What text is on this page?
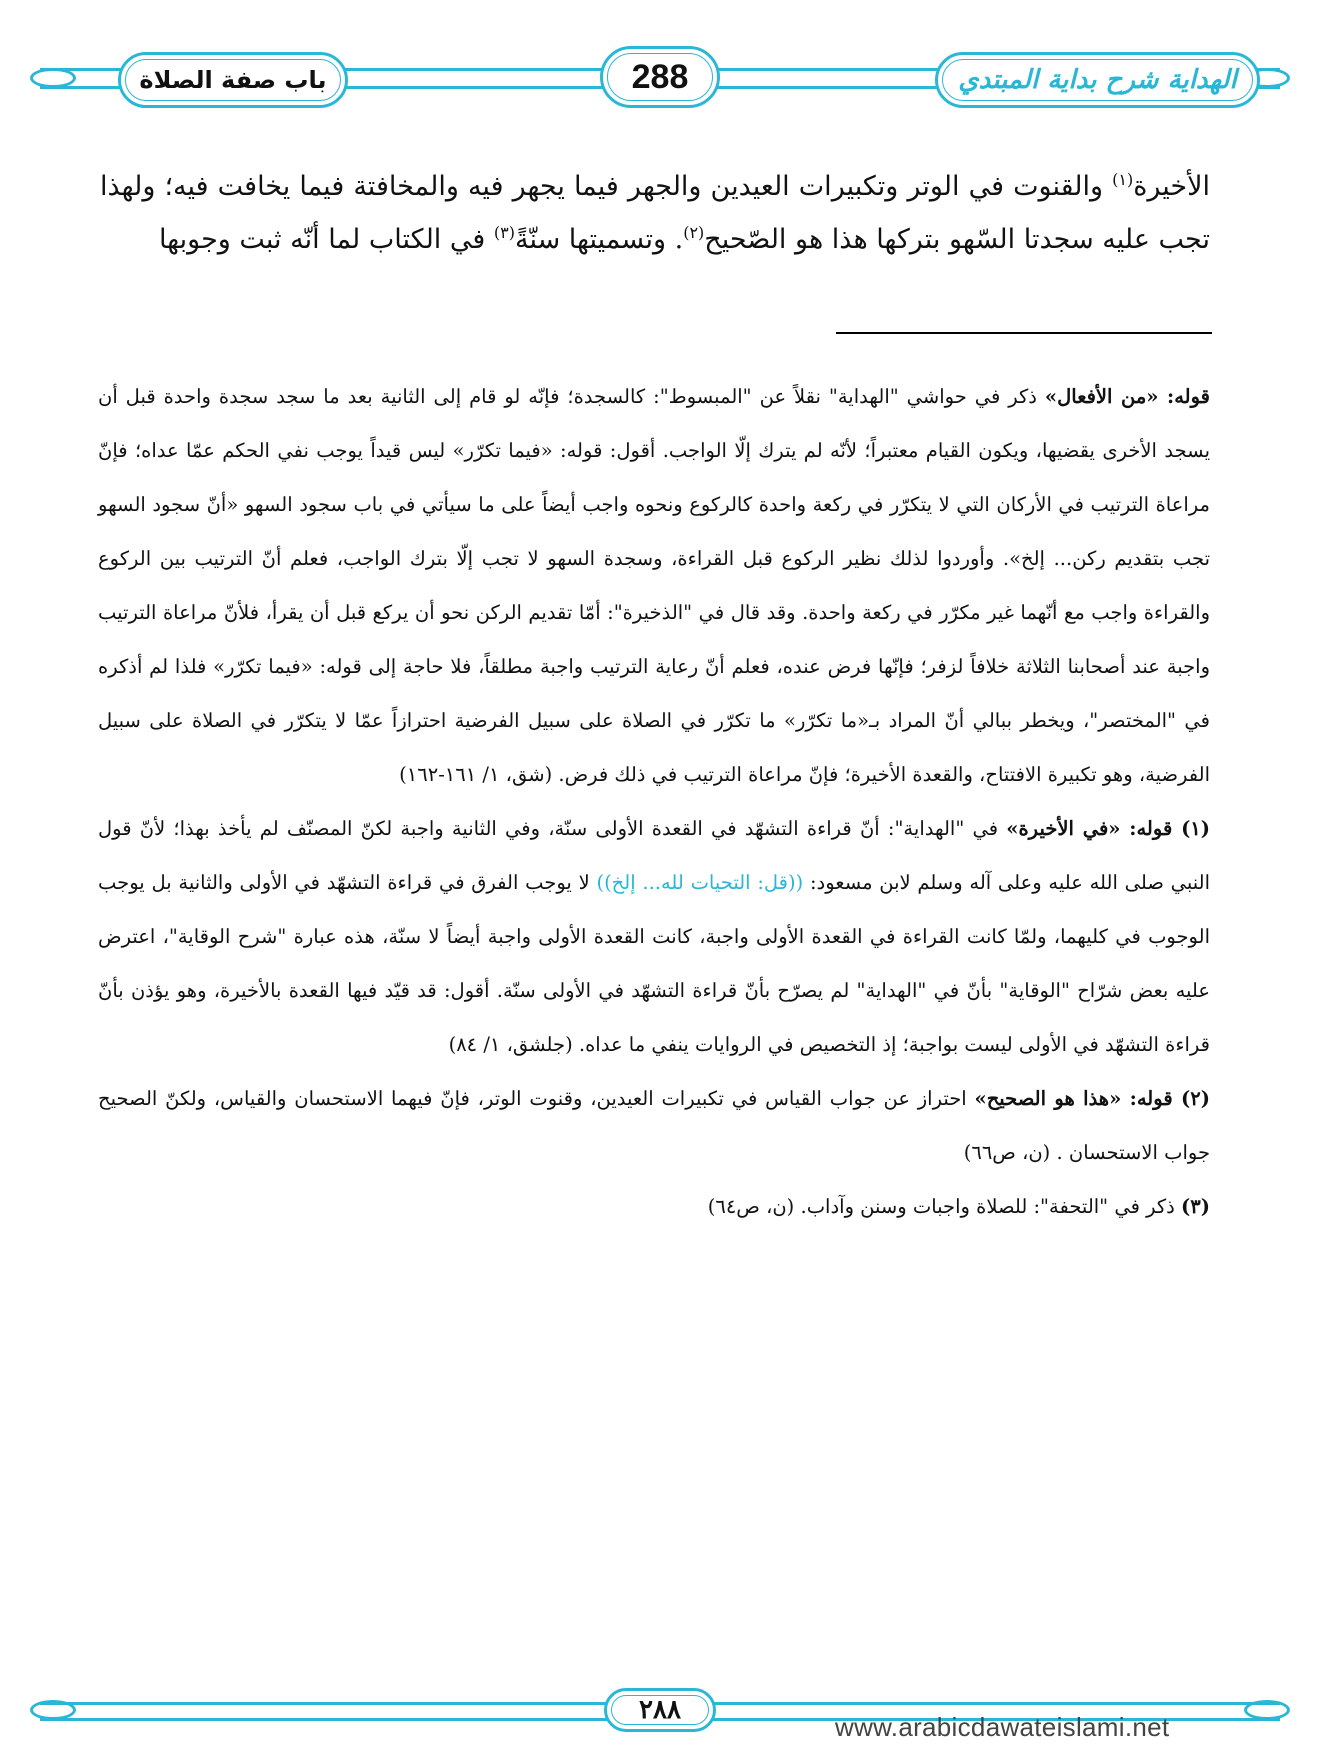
باب صفة الصلاة	288	الهداية شرح بداية المبتدي

الأخيرة$^{(١)}$ والقنوت في الوتر وتكبيرات العيدين والجهر فيما يجهر فيه والمخافتة فيما يخافت فيه؛ ولهذا تجب عليه سجدتا السّهو بتركها هذا هو الصّحيح$^{(٢)}$. وتسميتها سنّةً$^{(٣)}$ في الكتاب لما أنّه ثبت وجوبها

قوله: «من الأفعال» ذكر في حواشي "الهداية" نقلاً عن "المبسوط": كالسجدة؛ فإنّه لو قام إلى الثانية بعد ما سجد سجدة واحدة قبل أن يسجد الأخرى يقضيها، ويكون القيام معتبراً؛ لأنّه لم يترك إلّا الواجب. أقول: قوله: «فيما تكرّر» ليس قيداً يوجب نفي الحكم عمّا عداه؛ فإنّ مراعاة الترتيب في الأركان التي لا يتكرّر في ركعة واحدة كالركوع ونحوه واجب أيضاً على ما سيأتي في باب سجود السهو «أنّ سجود السهو تجب بتقديم ركن... إلخ». وأوردوا لذلك نظير الركوع قبل القراءة، وسجدة السهو لا تجب إلّا بترك الواجب، فعلم أنّ الترتيب بين الركوع والقراءة واجب مع أنّهما غير مكرّر في ركعة واحدة. وقد قال في "الذخيرة": أمّا تقديم الركن نحو أن يركع قبل أن يقرأ، فلأنّ مراعاة الترتيب واجبة عند أصحابنا الثلاثة خلافاً لزفر؛ فإنّها فرض عنده، فعلم أنّ رعاية الترتيب واجبة مطلقاً، فلا حاجة إلى قوله: «فيما تكرّر» فلذا لم أذكره في "المختصر"، ويخطر ببالي أنّ المراد بـ«ما تكرّر» ما تكرّر في الصلاة على سبيل الفرضية احترازاً عمّا لا يتكرّر في الصلاة على سبيل الفرضية، وهو تكبيرة الافتتاح، والقعدة الأخيرة؛ فإنّ مراعاة الترتيب في ذلك فرض. (شق، ١/ ١٦١-١٦٢)

(١) قوله: «في الأخيرة» في "الهداية": أنّ قراءة التشهّد في القعدة الأولى سنّة، وفي الثانية واجبة لكنّ المصنّف لم يأخذ بهذا؛ لأنّ قول النبي صلى الله عليه وعلى آله وسلم لابن مسعود: ((قل: التحيات لله... إلخ)) لا يوجب الفرق في قراءة التشهّد في الأولى والثانية بل يوجب الوجوب في كليهما، ولمّا كانت القراءة في القعدة الأولى واجبة، كانت القعدة الأولى واجبة أيضاً لا سنّة، هذه عبارة "شرح الوقاية"، اعترض عليه بعض شرّاح "الوقاية" بأنّ في "الهداية" لم يصرّح بأنّ قراءة التشهّد في الأولى سنّة. أقول: قد قيّد فيها القعدة بالأخيرة، وهو يؤذن بأنّ قراءة التشهّد في الأولى ليست بواجبة؛ إذ التخصيص في الروايات ينفي ما عداه. (جلشق، ١/ ٨٤)

(٢) قوله: «هذا هو الصحيح» احتراز عن جواب القياس في تكبيرات العيدين، وقنوت الوتر، فإنّ فيهما الاستحسان والقياس، ولكنّ الصحيح جواب الاستحسان . (ن، ص٦٦)

(٣) ذكر في "التحفة": للصلاة واجبات وسنن وآداب. (ن، ص٦٤)

٢٨٨
www.arabicdawateislami.net
